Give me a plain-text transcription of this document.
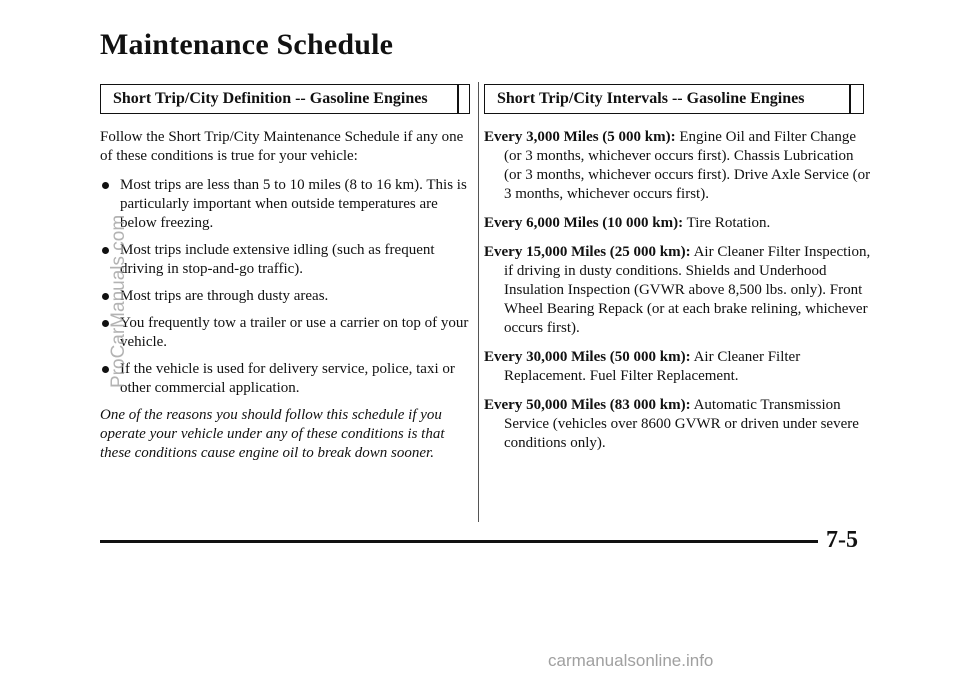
Maintenance Schedule
Short Trip/City Definition -- Gasoline Engines	Short Trip/City Intervals -- Gasoline Engines

Follow the Short Trip/City Maintenance Schedule if any one of these conditions is true for your vehicle:

Most trips are less than 5 to 10 miles (8 to 16 km). This is particularly important when outside temperatures are below freezing.
Most trips include extensive idling (such as frequent driving in stop-and-go traffic).
Most trips are through dusty areas.
You frequently tow a trailer or use a carrier on top of your vehicle.
If the vehicle is used for delivery service, police, taxi or other commercial application.

One of the reasons you should follow this schedule if you operate your vehicle under any of these conditions is that these conditions cause engine oil to break down sooner.

Every 3,000 Miles (5 000 km): Engine Oil and Filter Change (or 3 months, whichever occurs first). Chassis Lubrication (or 3 months, whichever occurs first). Drive Axle Service (or 3 months, whichever occurs first).
Every 6,000 Miles (10 000 km): Tire Rotation.
Every 15,000 Miles (25 000 km): Air Cleaner Filter Inspection, if driving in dusty conditions. Shields and Underhood Insulation Inspection (GVWR above 8,500 lbs. only). Front Wheel Bearing Repack (or at each brake relining, whichever occurs first).
Every 30,000 Miles (50 000 km): Air Cleaner Filter Replacement. Fuel Filter Replacement.
Every 50,000 Miles (83 000 km): Automatic Transmission Service (vehicles over 8600 GVWR or driven under severe conditions only).
7-5
ProCarManuals.com
carmanualsonline.info
